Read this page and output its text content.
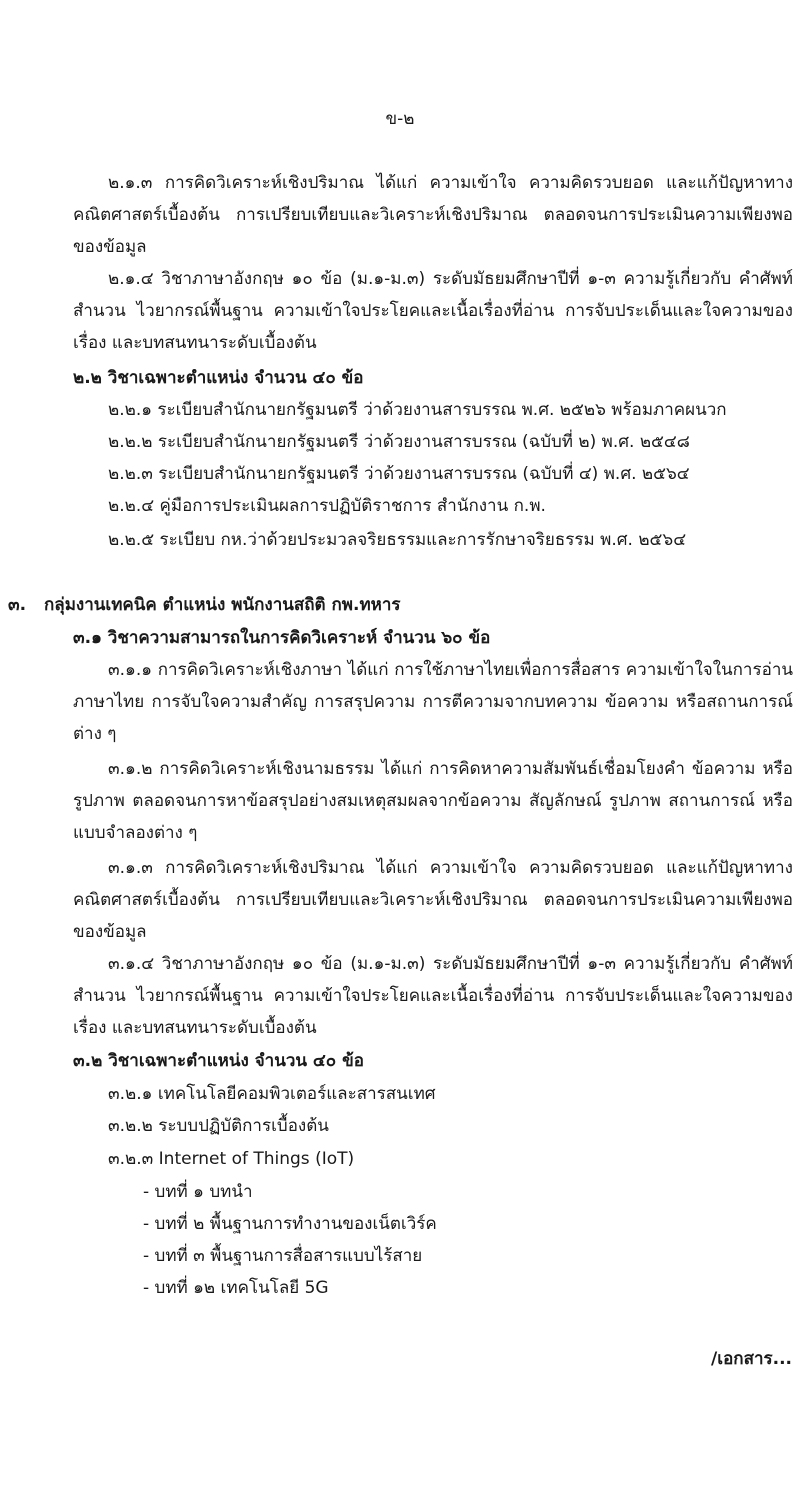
ข-๒
๒.๑.๓ การคิดวิเคราะห์เชิงปริมาณ ได้แก่ ความเข้าใจ ความคิดรวบยอด และแก้ปัญหาทาง
คณิตศาสตร์เบื้องต้น การเปรียบเทียบและวิเคราะห์เชิงปริมาณ ตลอดจนการประเมินความเพียงพอ
ของข้อมูล
๒.๑.๔ วิชาภาษาอังกฤษ ๑๐ ข้อ (ม.๑-ม.๓) ระดับมัธยมศึกษาปีที่ ๑-๓ ความรู้เกี่ยวกับ คำศัพท์
สำนวน ไวยากรณ์พื้นฐาน ความเข้าใจประโยคและเนื้อเรื่องที่อ่าน การจับประเด็นและใจความของ
เรื่อง และบทสนทนาระดับเบื้องต้น
๒.๒ วิชาเฉพาะตำแหน่ง จำนวน ๔๐ ข้อ
๒.๒.๑ ระเบียบสำนักนายกรัฐมนตรี ว่าด้วยงานสารบรรณ พ.ศ. ๒๕๒๖ พร้อมภาคผนวก
๒.๒.๒ ระเบียบสำนักนายกรัฐมนตรี ว่าด้วยงานสารบรรณ (ฉบับที่ ๒) พ.ศ. ๒๕๔๘
๒.๒.๓ ระเบียบสำนักนายกรัฐมนตรี ว่าด้วยงานสารบรรณ (ฉบับที่ ๔) พ.ศ. ๒๕๖๔
๒.๒.๔ คู่มือการประเมินผลการปฏิบัติราชการ สำนักงาน ก.พ.
๒.๒.๕ ระเบียบ กห.ว่าด้วยประมวลจริยธรรมและการรักษาจริยธรรม พ.ศ. ๒๕๖๔
๓. กลุ่มงานเทคนิค ตำแหน่ง พนักงานสถิติ กพ.ทหาร
๓.๑ วิชาความสามารถในการคิดวิเคราะห์ จำนวน ๖๐ ข้อ
๓.๑.๑ การคิดวิเคราะห์เชิงภาษา ได้แก่ การใช้ภาษาไทยเพื่อการสื่อสาร ความเข้าใจในการอ่าน
ภาษาไทย การจับใจความสำคัญ การสรุปความ การตีความจากบทความ ข้อความ หรือสถานการณ์
ต่าง ๆ
๓.๑.๒ การคิดวิเคราะห์เชิงนามธรรม ได้แก่ การคิดหาความสัมพันธ์เชื่อมโยงคำ ข้อความ หรือ
รูปภาพ ตลอดจนการหาข้อสรุปอย่างสมเหตุสมผลจากข้อความ สัญลักษณ์ รูปภาพ สถานการณ์ หรือ
แบบจำลองต่าง ๆ
๓.๑.๓ การคิดวิเคราะห์เชิงปริมาณ ได้แก่ ความเข้าใจ ความคิดรวบยอด และแก้ปัญหาทาง
คณิตศาสตร์เบื้องต้น การเปรียบเทียบและวิเคราะห์เชิงปริมาณ ตลอดจนการประเมินความเพียงพอ
ของข้อมูล
๓.๑.๔ วิชาภาษาอังกฤษ ๑๐ ข้อ (ม.๑-ม.๓) ระดับมัธยมศึกษาปีที่ ๑-๓ ความรู้เกี่ยวกับ คำศัพท์
สำนวน ไวยากรณ์พื้นฐาน ความเข้าใจประโยคและเนื้อเรื่องที่อ่าน การจับประเด็นและใจความของ
เรื่อง และบทสนทนาระดับเบื้องต้น
๓.๒ วิชาเฉพาะตำแหน่ง จำนวน ๔๐ ข้อ
๓.๒.๑ เทคโนโลยีคอมพิวเตอร์และสารสนเทศ
๓.๒.๒ ระบบปฏิบัติการเบื้องต้น
๓.๒.๓ Internet of Things (IoT)
- บทที่ ๑ บทนำ
- บทที่ ๒ พื้นฐานการทำงานของเน็ตเวิร์ค
- บทที่ ๓ พื้นฐานการสื่อสารแบบไร้สาย
- บทที่ ๑๒ เทคโนโลยี 5G
/เอกสาร...
